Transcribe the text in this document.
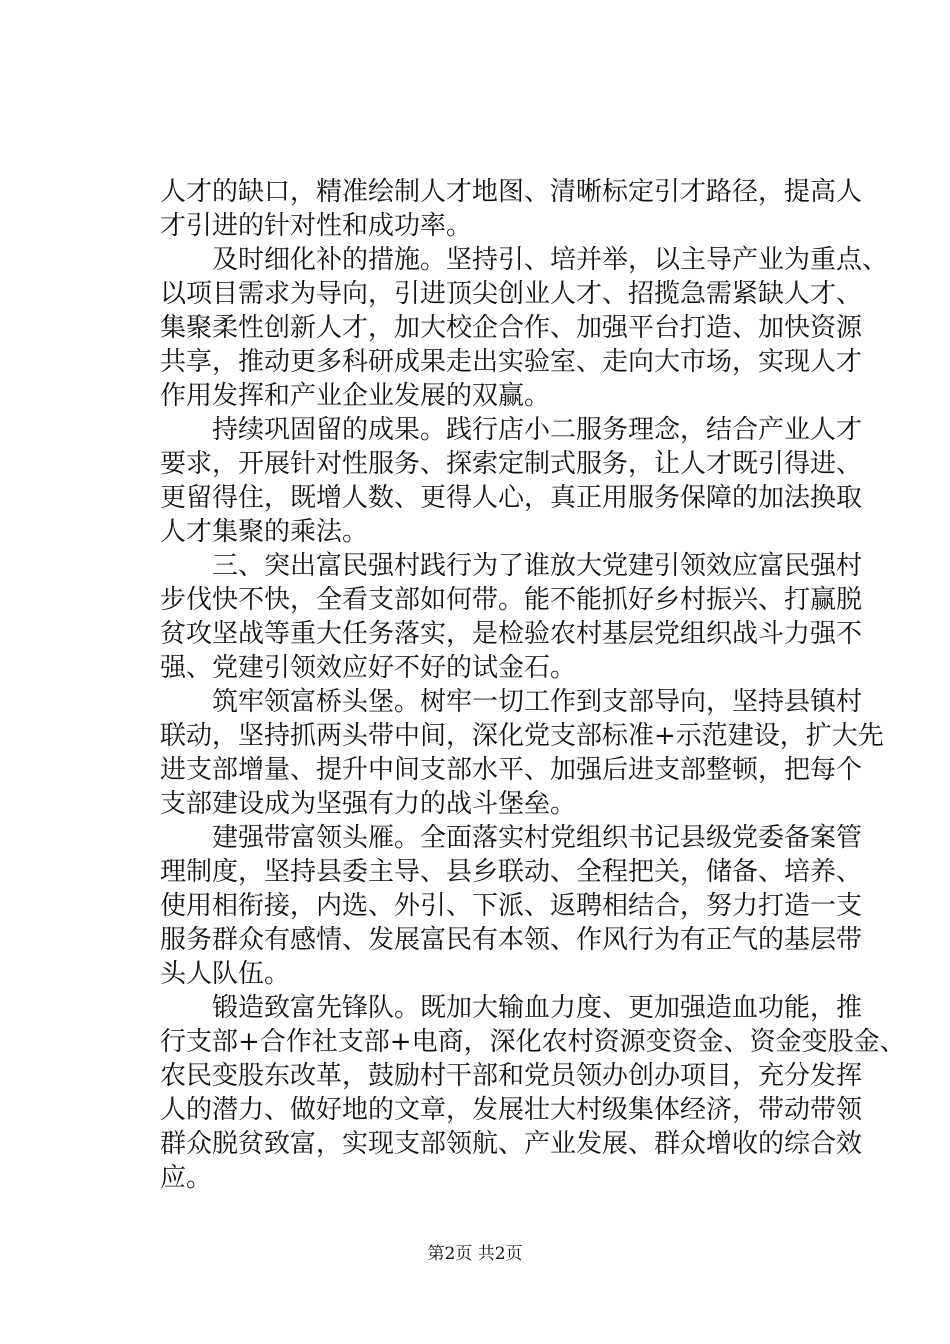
人才的缺口，精准绘制人才地图、清晰标定引才路径，提高人
才引进的针对性和成功率。
及时细化补的措施。坚持引、培并举，以主导产业为重点、
以项目需求为导向，引进顶尖创业人才、招揽急需紧缺人才、
集聚柔性创新人才，加大校企合作、加强平台打造、加快资源
共享，推动更多科研成果走出实验室、走向大市场，实现人才
作用发挥和产业企业发展的双赢。
持续巩固留的成果。践行店小二服务理念，结合产业人才
要求，开展针对性服务、探索定制式服务，让人才既引得进、
更留得住，既增人数、更得人心，真正用服务保障的加法换取
人才集聚的乘法。
三、突出富民强村践行为了谁放大党建引领效应富民强村
步伐快不快，全看支部如何带。能不能抓好乡村振兴、打赢脱
贫攻坚战等重大任务落实，是检验农村基层党组织战斗力强不
强、党建引领效应好不好的试金石。
筑牢领富桥头堡。树牢一切工作到支部导向，坚持县镇村
联动，坚持抓两头带中间，深化党支部标准+示范建设，扩大先
进支部增量、提升中间支部水平、加强后进支部整顿，把每个
支部建设成为坚强有力的战斗堡垒。
建强带富领头雁。全面落实村党组织书记县级党委备案管
理制度，坚持县委主导、县乡联动、全程把关，储备、培养、
使用相衔接，内选、外引、下派、返聘相结合，努力打造一支
服务群众有感情、发展富民有本领、作风行为有正气的基层带
头人队伍。
锻造致富先锋队。既加大输血力度、更加强造血功能，推
行支部+合作社支部+电商，深化农村资源变资金、资金变股金、
农民变股东改革，鼓励村干部和党员领办创办项目，充分发挥
人的潜力、做好地的文章，发展壮大村级集体经济，带动带领
群众脱贫致富，实现支部领航、产业发展、群众增收的综合效
应。
第2页 共2页
